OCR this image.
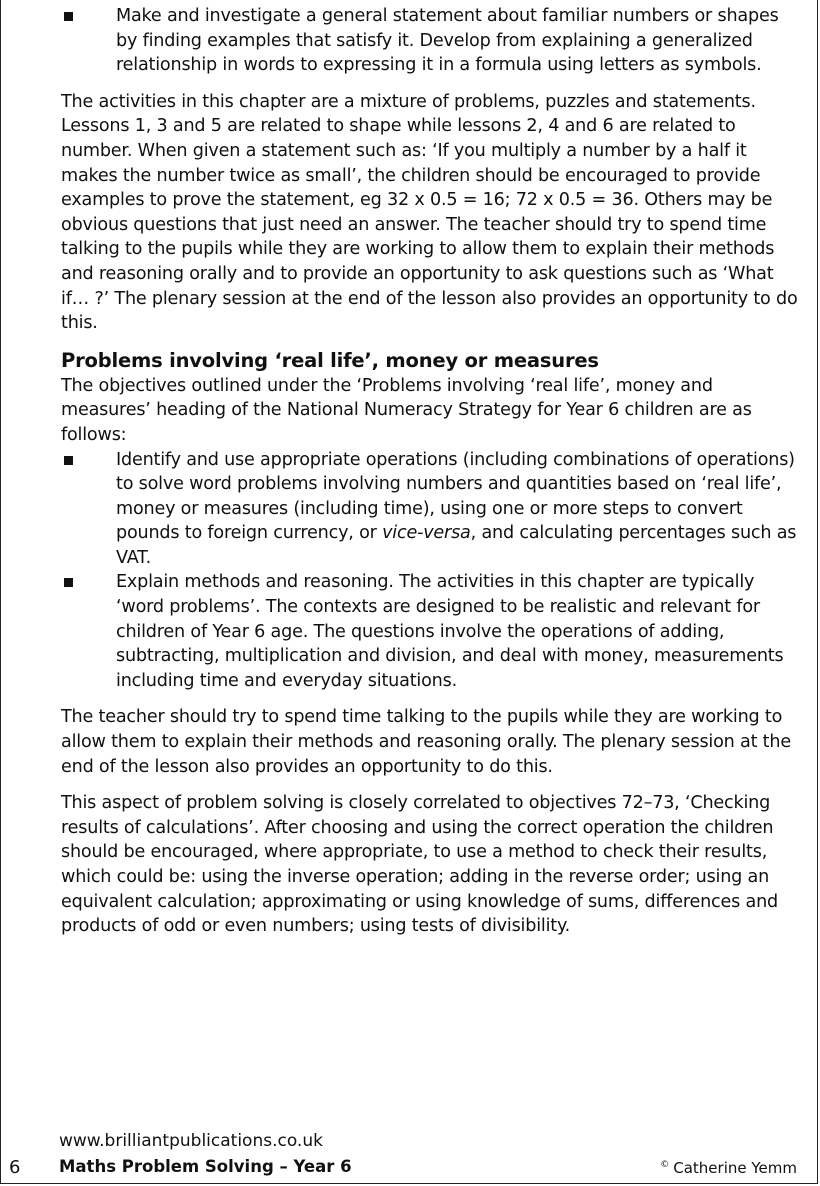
Make and investigate a general statement about familiar numbers or shapes by finding examples that satisfy it. Develop from explaining a generalized relationship in words to expressing it in a formula using letters as symbols.

The activities in this chapter are a mixture of problems, puzzles and statements. Lessons 1, 3 and 5 are related to shape while lessons 2, 4 and 6 are related to number. When given a statement such as: ‘If you multiply a number by a half it makes the number twice as small’, the children should be encouraged to provide examples to prove the statement, eg 32 x 0.5 = 16; 72 x 0.5 = 36. Others may be obvious questions that just need an answer. The teacher should try to spend time talking to the pupils while they are working to allow them to explain their methods and reasoning orally and to provide an opportunity to ask questions such as ‘What if… ?’ The plenary session at the end of the lesson also provides an opportunity to do this.

Problems involving ‘real life’, money or measures

The objectives outlined under the ‘Problems involving ‘real life’, money and measures’ heading of the National Numeracy Strategy for Year 6 children are as follows:

Identify and use appropriate operations (including combinations of operations) to solve word problems involving numbers and quantities based on ‘real life’, money or measures (including time), using one or more steps to convert pounds to foreign currency, or vice-versa, and calculating percentages such as VAT.
Explain methods and reasoning. The activities in this chapter are typically ‘word problems’. The contexts are designed to be realistic and relevant for children of Year 6 age. The questions involve the operations of adding, subtracting, multiplication and division, and deal with money, measurements including time and everyday situations.

The teacher should try to spend time talking to the pupils while they are working to allow them to explain their methods and reasoning orally. The plenary session at the end of the lesson also provides an opportunity to do this.

This aspect of problem solving is closely correlated to objectives 72–73, ‘Checking results of calculations’. After choosing and using the correct operation the children should be encouraged, where appropriate, to use a method to check their results, which could be: using the inverse operation; adding in the reverse order; using an equivalent calculation; approximating or using knowledge of sums, differences and products of odd or even numbers; using tests of divisibility.

www.brilliantpublications.co.uk
6 Maths Problem Solving – Year 6	© Catherine Yemm
